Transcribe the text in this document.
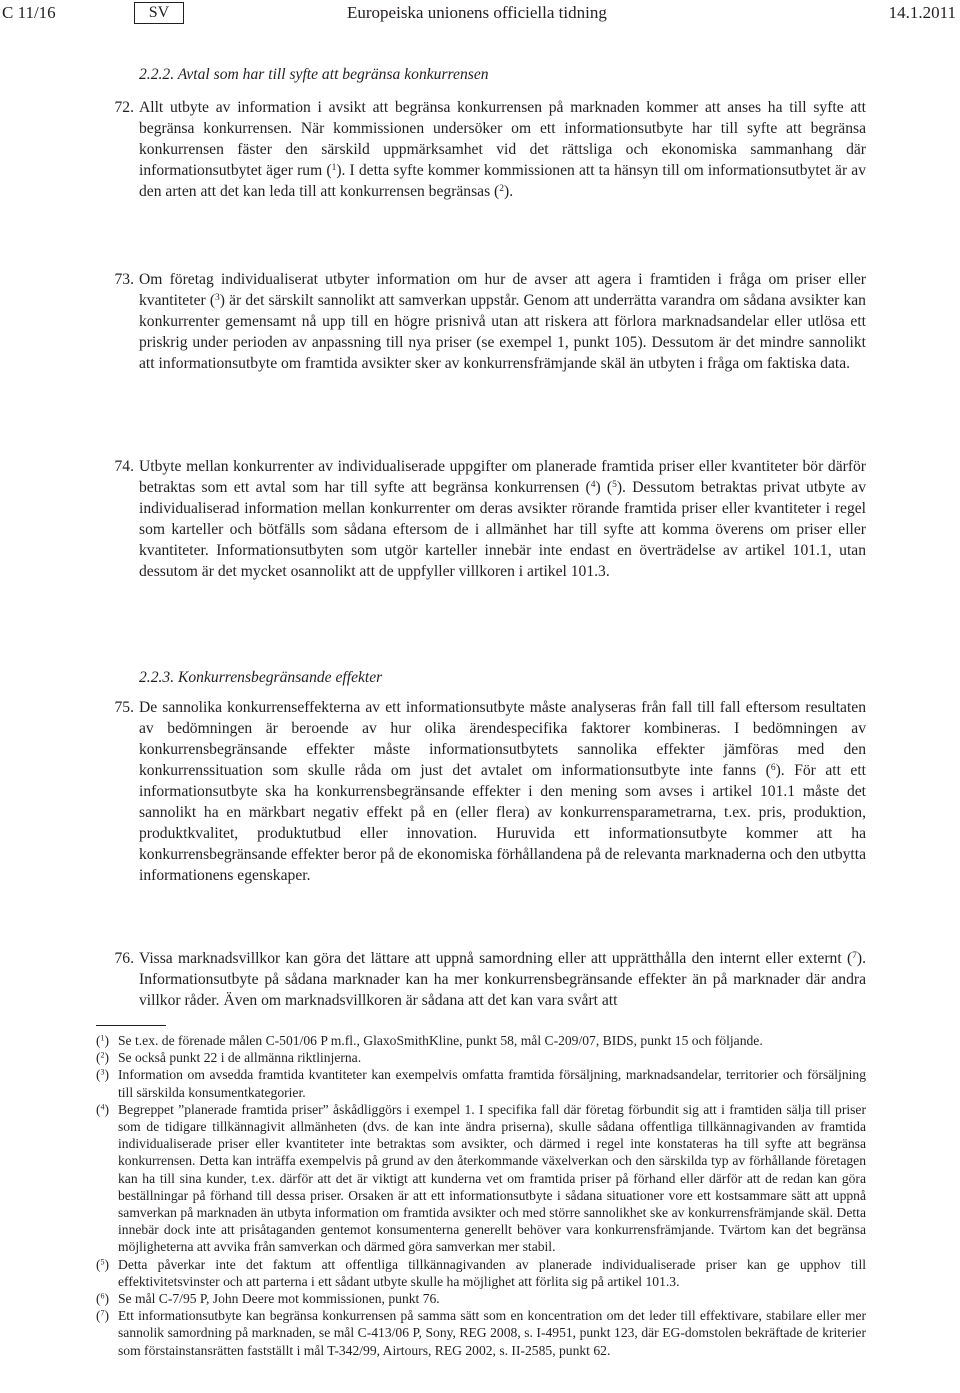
C 11/16	SV	Europeiska unionens officiella tidning	14.1.2011
2.2.2. Avtal som har till syfte att begränsa konkurrensen
72. Allt utbyte av information i avsikt att begränsa konkurrensen på marknaden kommer att anses ha till syfte att begränsa konkurrensen. När kommissionen undersöker om ett informationsutbyte har till syfte att begränsa konkurrensen fäster den särskild uppmärksamhet vid det rättsliga och ekonomiska sammanhang där informationsutbytet äger rum ($^1$). I detta syfte kommer kommissionen att ta hänsyn till om informationsutbytet är av den arten att det kan leda till att konkurrensen begränsas ($^2$).
73. Om företag individualiserat utbyter information om hur de avser att agera i framtiden i fråga om priser eller kvantiteter ($^3$) är det särskilt sannolikt att samverkan uppstår. Genom att underrätta varandra om sådana avsikter kan konkurrenter gemensamt nå upp till en högre prisnivå utan att riskera att förlora marknadsandelar eller utlösa ett priskrig under perioden av anpassning till nya priser (se exempel 1, punkt 105). Dessutom är det mindre sannolikt att informationsutbyte om framtida avsikter sker av konkurrensfrämjande skäl än utbyten i fråga om faktiska data.
74. Utbyte mellan konkurrenter av individualiserade uppgifter om planerade framtida priser eller kvantiteter bör därför betraktas som ett avtal som har till syfte att begränsa konkurrensen ($^4$) ($^5$). Dessutom betraktas privat utbyte av individualiserad information mellan konkurrenter om deras avsikter rörande framtida priser eller kvantiteter i regel som karteller och bötfälls som sådana eftersom de i allmänhet har till syfte att komma överens om priser eller kvantiteter. Informationsutbyten som utgör karteller innebär inte endast en överträdelse av artikel 101.1, utan dessutom är det mycket osannolikt att de uppfyller villkoren i artikel 101.3.
2.2.3. Konkurrensbegränsande effekter
75. De sannolika konkurrenseffekterna av ett informationsutbyte måste analyseras från fall till fall eftersom resultaten av bedömningen är beroende av hur olika ärendespecifika faktorer kombineras. I bedömningen av konkurrensbegränsande effekter måste informationsutbytets sannolika effekter jämföras med den konkurrenssituation som skulle råda om just det avtalet om informationsutbyte inte fanns ($^6$). För att ett informationsutbyte ska ha konkurrensbegränsande effekter i den mening som avses i artikel 101.1 måste det sannolikt ha en märkbart negativ effekt på en (eller flera) av konkurrensparametrarna, t.ex. pris, produktion, produktkvalitet, produktutbud eller innovation. Huruvida ett informationsutbyte kommer att ha konkurrensbegränsande effekter beror på de ekonomiska förhållandena på de relevanta marknaderna och den utbytta informationens egenskaper.
76. Vissa marknadsvillkor kan göra det lättare att uppnå samordning eller att upprätthålla den internt eller externt ($^7$). Informationsutbyte på sådana marknader kan ha mer konkurrensbegränsande effekter än på marknader där andra villkor råder. Även om marknadsvillkoren är sådana att det kan vara svårt att
($^1$) Se t.ex. de förenade målen C-501/06 P m.fl., GlaxoSmithKline, punkt 58, mål C-209/07, BIDS, punkt 15 och följande.
($^2$) Se också punkt 22 i de allmänna riktlinjerna.
($^3$) Information om avsedda framtida kvantiteter kan exempelvis omfatta framtida försäljning, marknadsandelar, territorier och försäljning till särskilda konsumentkategorier.
($^4$) Begreppet ”planerade framtida priser” åskådliggörs i exempel 1. I specifika fall där företag förbundit sig att i framtiden sälja till priser som de tidigare tillkännagivit allmänheten (dvs. de kan inte ändra priserna), skulle sådana offentliga tillkännagivanden av framtida individualiserade priser eller kvantiteter inte betraktas som avsikter, och därmed i regel inte konstateras ha till syfte att begränsa konkurrensen. Detta kan inträffa exempelvis på grund av den återkommande växelverkan och den särskilda typ av förhållande företagen kan ha till sina kunder, t.ex. därför att det är viktigt att kunderna vet om framtida priser på förhand eller därför att de redan kan göra beställningar på förhand till dessa priser. Orsaken är att ett informationsutbyte i sådana situationer vore ett kostsammare sätt att uppnå samverkan på marknaden än utbyta information om framtida avsikter och med större sannolikhet ske av konkurrensfrämjande skäl. Detta innebär dock inte att prisåtaganden gentemot konsumenterna generellt behöver vara konkurrensfrämjande. Tvärtom kan det begränsa möjligheterna att avvika från samverkan och därmed göra samverkan mer stabil.
($^5$) Detta påverkar inte det faktum att offentliga tillkännagivanden av planerade individualiserade priser kan ge upphov till effektivitetsvinster och att parterna i ett sådant utbyte skulle ha möjlighet att förlita sig på artikel 101.3.
($^6$) Se mål C-7/95 P, John Deere mot kommissionen, punkt 76.
($^7$) Ett informationsutbyte kan begränsa konkurrensen på samma sätt som en koncentration om det leder till effektivare, stabilare eller mer sannolik samordning på marknaden, se mål C-413/06 P, Sony, REG 2008, s. I-4951, punkt 123, där EG-domstolen bekräftade de kriterier som förstainstansrätten fastställt i mål T-342/99, Airtours, REG 2002, s. II-2585, punkt 62.
